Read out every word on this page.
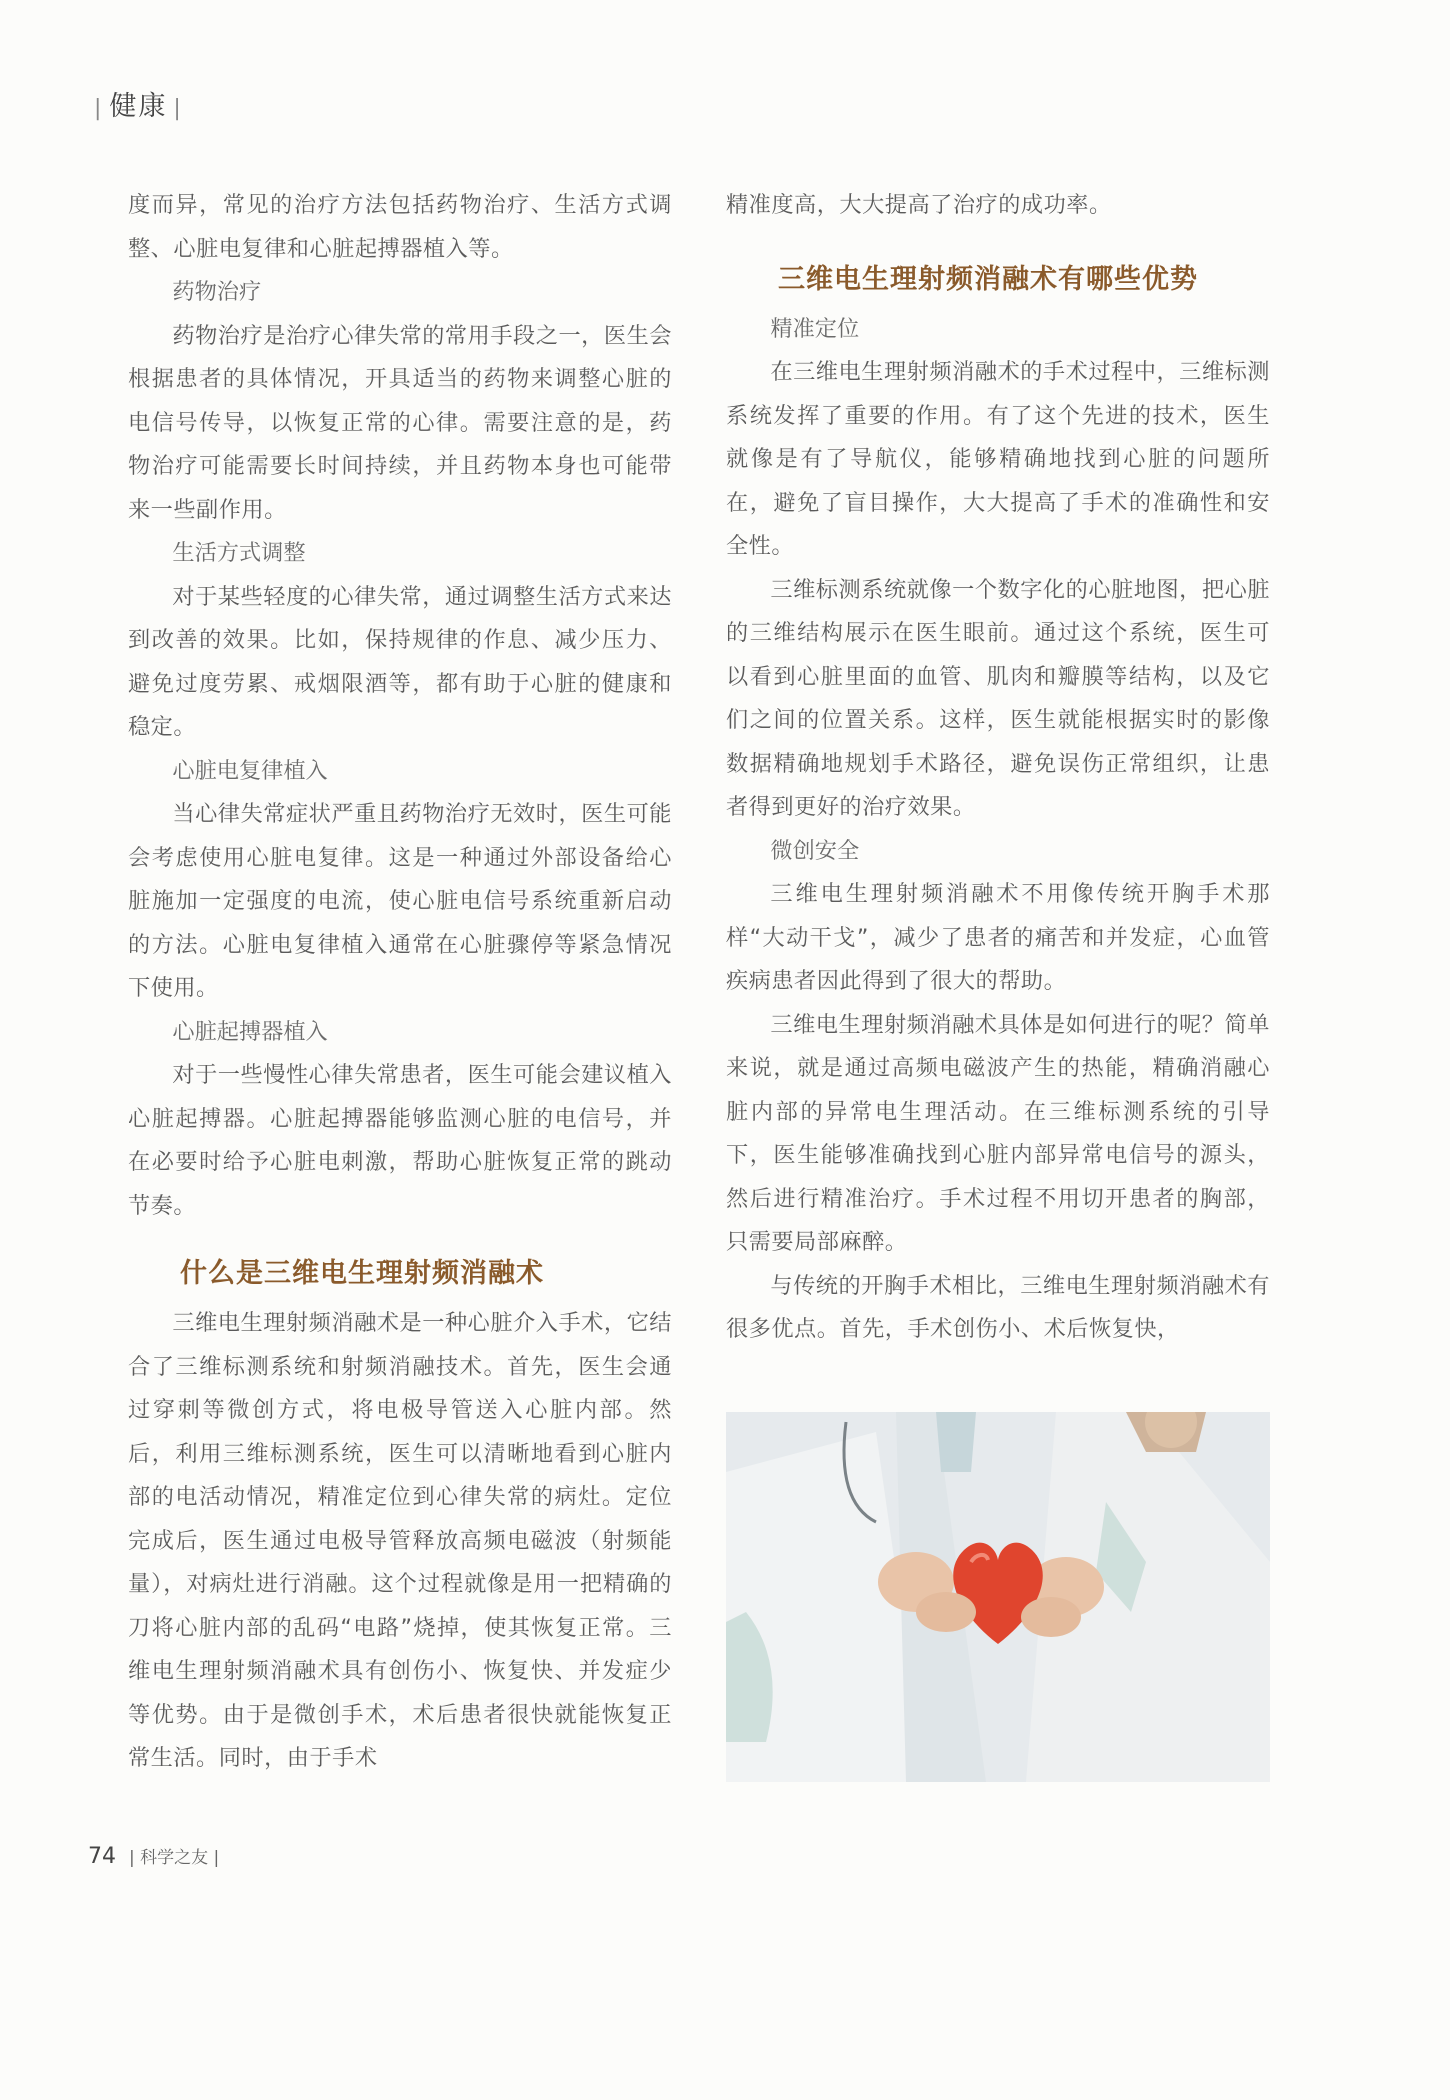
| 健康 |

度而异，常见的治疗方法包括药物治疗、生活方式调整、心脏电复律和心脏起搏器植入等。

药物治疗

药物治疗是治疗心律失常的常用手段之一，医生会根据患者的具体情况，开具适当的药物来调整心脏的电信号传导，以恢复正常的心律。需要注意的是，药物治疗可能需要长时间持续，并且药物本身也可能带来一些副作用。

生活方式调整

对于某些轻度的心律失常，通过调整生活方式来达到改善的效果。比如，保持规律的作息、减少压力、避免过度劳累、戒烟限酒等，都有助于心脏的健康和稳定。

心脏电复律植入

当心律失常症状严重且药物治疗无效时，医生可能会考虑使用心脏电复律。这是一种通过外部设备给心脏施加一定强度的电流，使心脏电信号系统重新启动的方法。心脏电复律植入通常在心脏骤停等紧急情况下使用。

心脏起搏器植入

对于一些慢性心律失常患者，医生可能会建议植入心脏起搏器。心脏起搏器能够监测心脏的电信号，并在必要时给予心脏电刺激，帮助心脏恢复正常的跳动节奏。

什么是三维电生理射频消融术

三维电生理射频消融术是一种心脏介入手术，它结合了三维标测系统和射频消融技术。首先，医生会通过穿刺等微创方式，将电极导管送入心脏内部。然后，利用三维标测系统，医生可以清晰地看到心脏内部的电活动情况，精准定位到心律失常的病灶。定位完成后，医生通过电极导管释放高频电磁波（射频能量），对病灶进行消融。这个过程就像是用一把精确的刀将心脏内部的乱码“电路”烧掉，使其恢复正常。三维电生理射频消融术具有创伤小、恢复快、并发症少等优势。由于是微创手术，术后患者很快就能恢复正常生活。同时，由于手术

精准度高，大大提高了治疗的成功率。

三维电生理射频消融术有哪些优势

精准定位

在三维电生理射频消融术的手术过程中，三维标测系统发挥了重要的作用。有了这个先进的技术，医生就像是有了导航仪，能够精确地找到心脏的问题所在，避免了盲目操作，大大提高了手术的准确性和安全性。

三维标测系统就像一个数字化的心脏地图，把心脏的三维结构展示在医生眼前。通过这个系统，医生可以看到心脏里面的血管、肌肉和瓣膜等结构，以及它们之间的位置关系。这样，医生就能根据实时的影像数据精确地规划手术路径，避免误伤正常组织，让患者得到更好的治疗效果。

微创安全

三维电生理射频消融术不用像传统开胸手术那样“大动干戈”，减少了患者的痛苦和并发症，心血管疾病患者因此得到了很大的帮助。

三维电生理射频消融术具体是如何进行的呢？简单来说，就是通过高频电磁波产生的热能，精确消融心脏内部的异常电生理活动。在三维标测系统的引导下，医生能够准确找到心脏内部异常电信号的源头，然后进行精准治疗。手术过程不用切开患者的胸部，只需要局部麻醉。

与传统的开胸手术相比，三维电生理射频消融术有很多优点。首先，手术创伤小、术后恢复快，

74 | 科学之友 |
